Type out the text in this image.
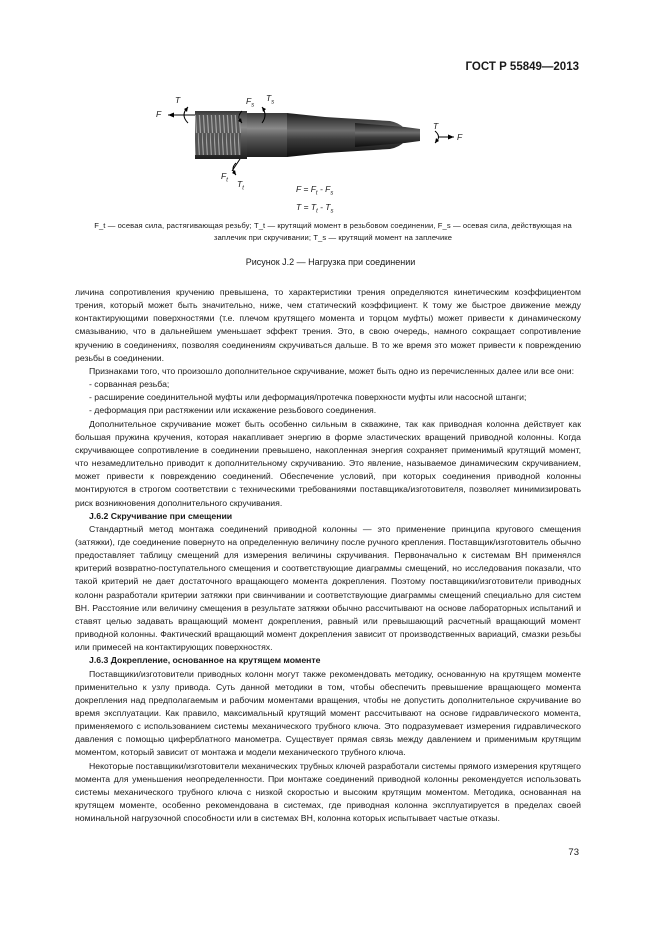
ГОСТ Р 55849—2013
F
T	$F_s$
$T_s$
$F_t$ $T_t$
T
F
$F = F_t - F_s$
$T = T_t - T_s$
F_t — осевая сила, растягивающая резьбу; T_t — крутящий момент в резьбовом соединении, F_s — осевая сила, действующая на
заплечик при скручивании; T_s — крутящий момент на заплечике
Рисунок J.2 — Нагрузка при соединении

личина сопротивления кручению превышена, то характеристики трения определяются кинетическим коэффициентом трения, который может быть значительно, ниже, чем статический коэффициент. К тому же быстрое движение между контактирующими поверхностями (т.е. плечом крутящего момента и торцом муфты) может привести к динамическому смазыванию, что в дальнейшем уменьшает эффект трения. Это, в свою очередь, намного сокращает сопротивление кручению в соединениях, позволяя соединениям скручиваться дальше. В то же время это может привести к повреждению резьбы в соединении.

Признаками того, что произошло дополнительное скручивание, может быть одно из перечисленных далее или все они:

- сорванная резьба;

- расширение соединительной муфты или деформация/протечка поверхности муфты или насосной штанги;

- деформация при растяжении или искажение резьбового соединения.

Дополнительное скручивание может быть особенно сильным в скважине, так как приводная колонна действует как большая пружина кручения, которая накапливает энергию в форме эластических вращений приводной колонны. Когда скручивающее сопротивление в соединении превышено, накопленная энергия сохраняет применимый крутящий момент, что незамедлительно приводит к дополнительному скручиванию. Это явление, называемое динамическим скручиванием, может привести к повреждению соединений. Обеспечение условий, при которых соединения приводной колонны монтируются в строгом соответствии с техническими требованиями поставщика/изготовителя, позволяет минимизировать риск возникновения дополнительного скручивания.

J.6.2 Скручивание при смещении

Стандартный метод монтажа соединений приводной колонны — это применение принципа кругового смещения (затяжки), где соединение повернуто на определенную величину после ручного крепления. Поставщик/изготовитель обычно предоставляет таблицу смещений для измерения величины скручивания. Первоначально к системам ВН применялся критерий возвратно-поступательного смещения и соответствующие диаграммы смещений, но исследования показали, что такой критерий не дает достаточного вращающего момента докрепления. Поэтому поставщики/изготовители приводных колонн разработали критерии затяжки при свинчивании и соответствующие диаграммы смещений специально для систем ВН. Расстояние или величину смещения в результате затяжки обычно рассчитывают на основе лабораторных испытаний и ставят целью задавать вращающий момент докрепления, равный или превышающий расчетный вращающий момент приводной колонны. Фактический вращающий момент докрепления зависит от производственных вариаций, смазки резьбы или примесей на контактирующих поверхностях.

J.6.3 Докрепление, основанное на крутящем моменте

Поставщики/изготовители приводных колонн могут также рекомендовать методику, основанную на крутящем моменте применительно к узлу привода. Суть данной методики в том, чтобы обеспечить превышение вращающего момента докрепления над предполагаемым и рабочим моментами вращения, чтобы не допустить дополнительное скручивание во время эксплуатации. Как правило, максимальный крутящий момент рассчитывают на основе гидравлического момента, применяемого с использованием системы механического трубного ключа. Это подразумевает измерения гидравлического давления с помощью циферблатного манометра. Существует прямая связь между давлением и применимым крутящим моментом, который зависит от монтажа и модели механического трубного ключа.

Некоторые поставщики/изготовители механических трубных ключей разработали системы прямого измерения крутящего момента для уменьшения неопределенности. При монтаже соединений приводной колонны рекомендуется использовать системы механического трубного ключа с низкой скоростью и высоким крутящим моментом. Методика, основанная на крутящем моменте, особенно рекомендована в системах, где приводная колонна эксплуатируется в пределах своей номинальной нагрузочной способности или в системах ВН, колонна которых испытывает частые отказы.

73
